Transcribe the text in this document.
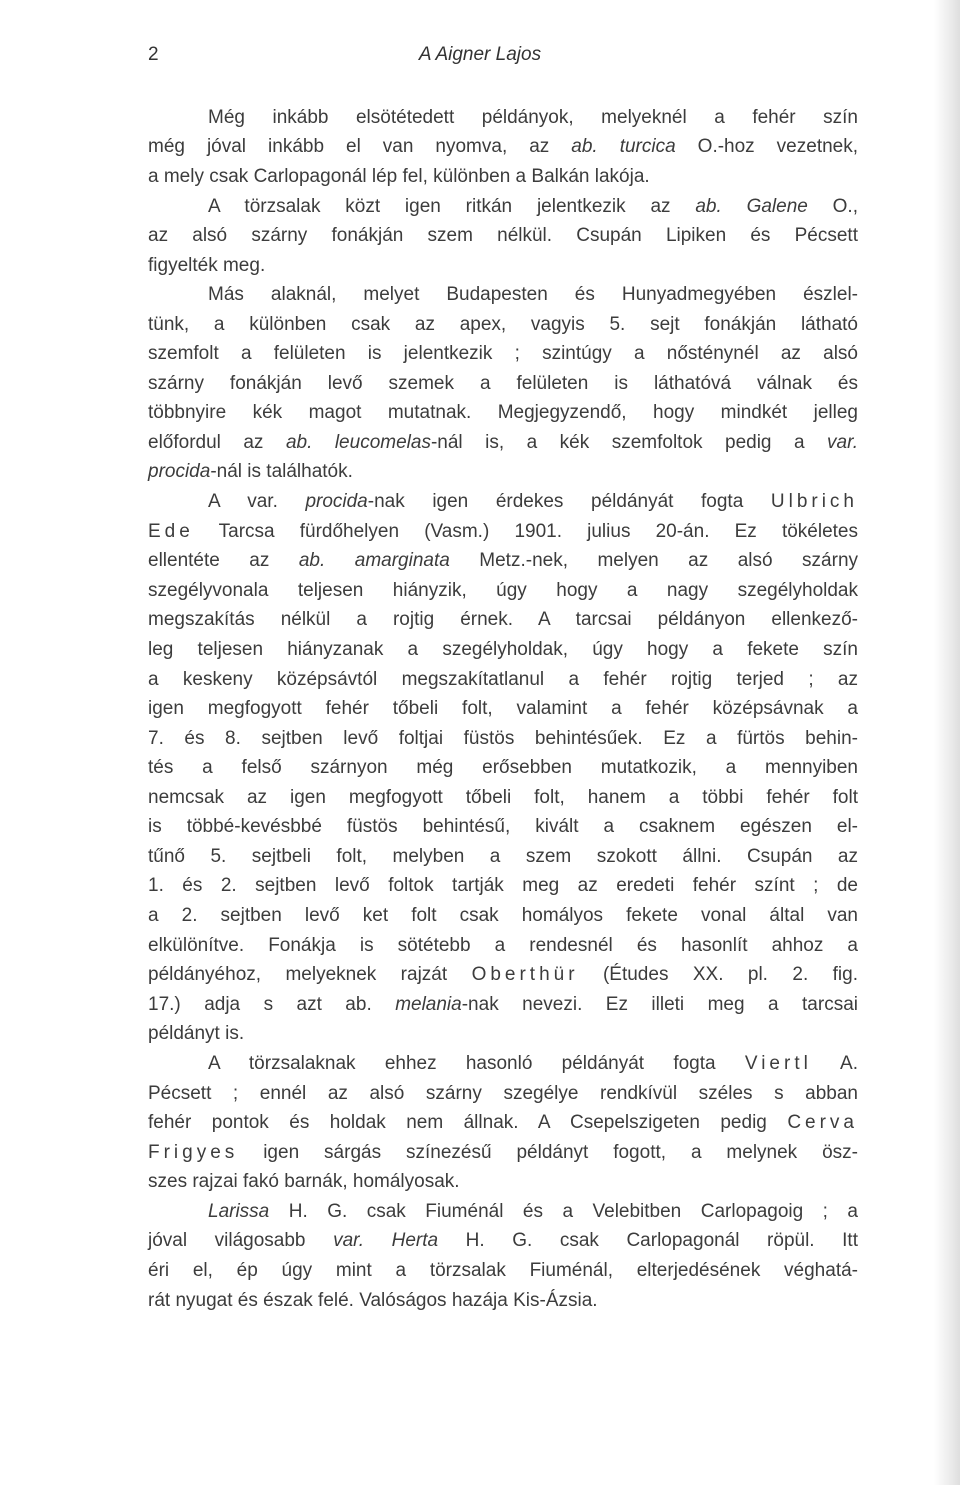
2	A Aigner Lajos
Még inkább elsötétedett példányok, melyeknél a fehér szín
még jóval inkább el van nyomva, az ab. turcica O.-hoz vezetnek,
a mely csak Carlopagonál lép fel, különben a Balkán lakója.
A törzsalak közt igen ritkán jelentkezik az ab. Galene O.,
az alsó szárny fonákján szem nélkül. Csupán Lipiken és Pécsett
figyelték meg.
Más alaknál, melyet Budapesten és Hunyadmegyében észlel-
tünk, a különben csak az apex, vagyis 5. sejt fonákján látható
szemfolt a felületen is jelentkezik ; szintúgy a nősténynél az alsó
szárny fonákján levő szemek a felületen is láthatóvá válnak és
többnyire kék magot mutatnak. Megjegyzendő, hogy mindkét jelleg
előfordul az ab. leucomelas-nál is, a kék szemfoltok pedig a var.
procida-nál is találhatók.
A var. procida-nak igen érdekes példányát fogta Ulbrich
Ede Tarcsa fürdőhelyen (Vasm.) 1901. julius 20-án. Ez tökéletes
ellentéte az ab. amarginata Metz.-nek, melyen az alsó szárny
szegélyvonala teljesen hiányzik, úgy hogy a nagy szegélyholdak
megszakítás nélkül a rojtig érnek. A tarcsai példányon ellenkező-
leg teljesen hiányzanak a szegélyholdak, úgy hogy a fekete szín
a keskeny középsávtól megszakítatlanul a fehér rojtig terjed ; az
igen megfogyott fehér tőbeli folt, valamint a fehér középsávnak a
7. és 8. sejtben levő foltjai füstös behintésűek. Ez a fürtös behin-
tés a felső szárnyon még erősebben mutatkozik, a mennyiben
nemcsak az igen megfogyott tőbeli folt, hanem a többi fehér folt
is többé-kevésbbé füstös behintésű, kivált a csaknem egészen el-
tűnő 5. sejtbeli folt, melyben a szem szokott állni. Csupán az
1. és 2. sejtben levő foltok tartják meg az eredeti fehér színt ; de
a 2. sejtben levő ket folt csak homályos fekete vonal által van
elkülönítve. Fonákja is sötétebb a rendesnél és hasonlít ahhoz a
példányéhoz, melyeknek rajzát Oberthür (Études XX. pl. 2. fig.
17.) adja s azt ab. melania-nak nevezi. Ez illeti meg a tarcsai
példányt is.
A törzsalaknak ehhez hasonló példányát fogta Viertl A.
Pécsett ; ennél az alsó szárny szegélye rendkívül széles s abban
fehér pontok és holdak nem állnak. A Csepelszigeten pedig Cerva
Frigyes igen sárgás színezésű példányt fogott, a melynek ösz-
szes rajzai fakó barnák, homályosak.
Larissa H. G. csak Fiuménál és a Velebitben Carlopagoig ; a
jóval világosabb var. Herta H. G. csak Carlopagonál röpül. Itt
éri el, ép úgy mint a törzsalak Fiuménál, elterjedésének véghatá-
rát nyugat és észak felé. Valóságos hazája Kis-Ázsia.
